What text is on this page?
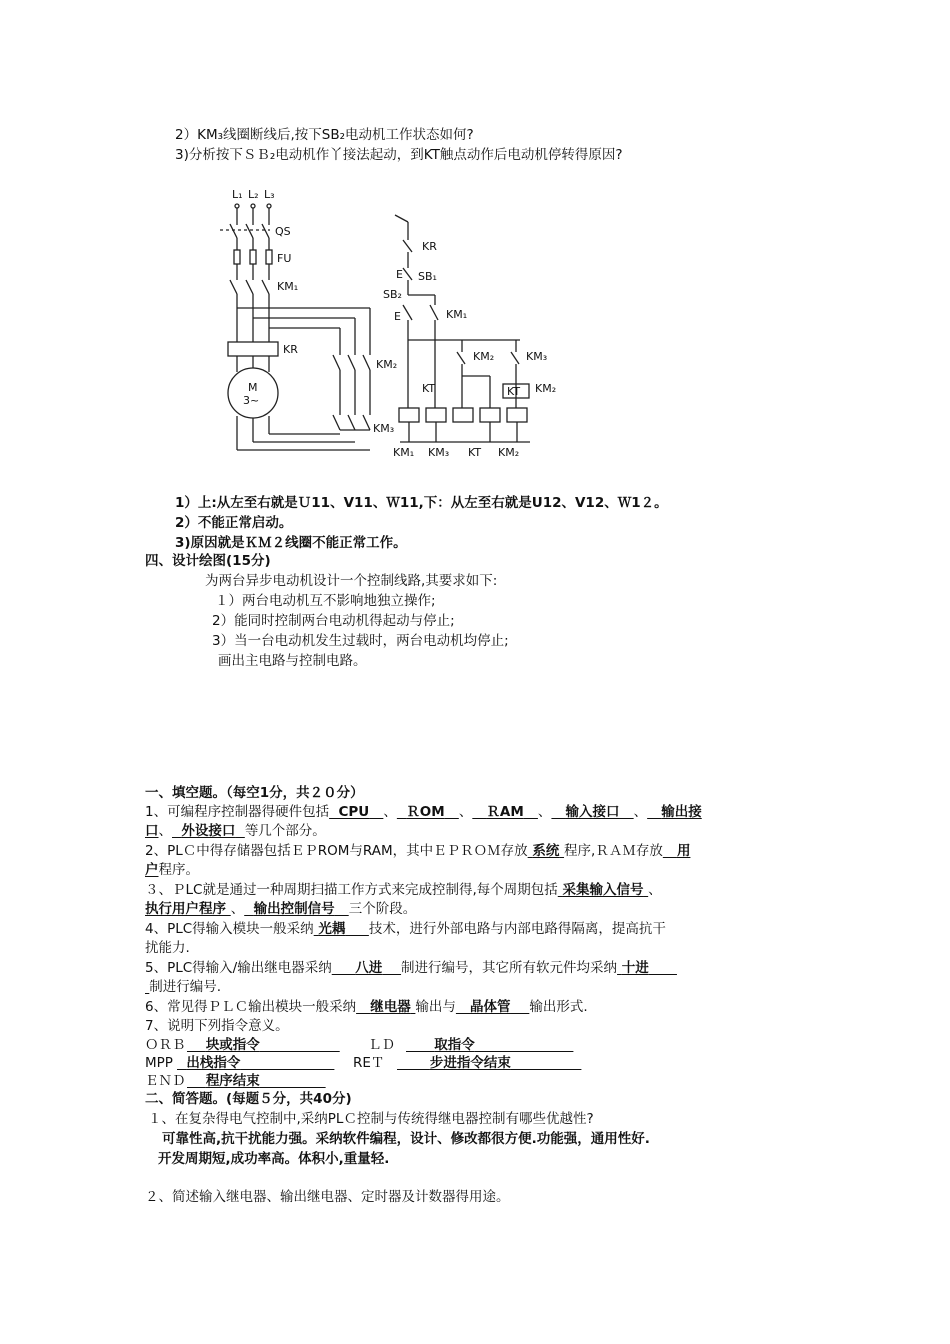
2）KM₃线圈断线后,按下SB₂电动机工作状态如何?
3)分析按下ＳＢ₂电动机作丫接法起动，到KT触点动作后电动机停转得原因?
L₁ L₂ L₃
QS
FU
KM₁
KM₂
KR
M
3~
KM₃
KR
E SB₁
SB₂
E	KM₁
KM₂	KM₃
KT	KT KM₂
KM₁ KM₃ KT KM₂
1）上:从左至右就是Ｕ11、V11、Ｗ11,下：从左至右就是U12、V12、Ｗ1２。
2）不能正常启动。
3)原因就是ＫＭ２线圈不能正常工作。
四、设计绘图(15分)
为两台异步电动机设计一个控制线路,其要求如下:
１）两台电动机互不影响地独立操作;
2）能同时控制两台电动机得起动与停止;
3）当一台电动机发生过载时，两台电动机均停止;
画出主电路与控制电路。
一、填空题。（每空1分，共２０分）
1、可编程序控制器得硬件包括 CPU 、 ＲOM 、 ＲAM 、 输入接口 、 输出接
口、 外设接口 等几个部分。
2、PLＣ中得存储器包括ＥＰROM与RAM，其中ＥＰＲＯＭ存放 系统 程序,ＲＡＭ存放 用
户程序。
３、ＰLC就是通过一种周期扫描工作方式来完成控制得,每个周期包括 采集输入信号 、
执行用户程序 、 输出控制信号 三个阶段。
4、PLC得输入模块一般采纳 光耦 技术，进行外部电路与内部电路得隔离，提高抗干
扰能力.
5、PLC得输入/输出继电器采纳 八进 制进行编号，其它所有软元件均采纳 十进
制进行编号.
6、常见得ＰＬＣ输出模块一般采纳 继电器 输出与 晶体管 输出形式.
7、说明下列指令意义。
ＯＲＢ 块或指令	ＬＤ	取指令
MPP 出栈指令	REＴ	步进指令结束
ＥＮＤ 程序结束
二、简答题。(每题５分，共40分)
１、在复杂得电气控制中,采纳PLＣ控制与传统得继电器控制有哪些优越性?
可靠性高,抗干扰能力强。采纳软件编程，设计、修改都很方便.功能强，通用性好.
开发周期短,成功率高。体积小,重量轻.
２、简述输入继电器、输出继电器、定时器及计数器得用途。
